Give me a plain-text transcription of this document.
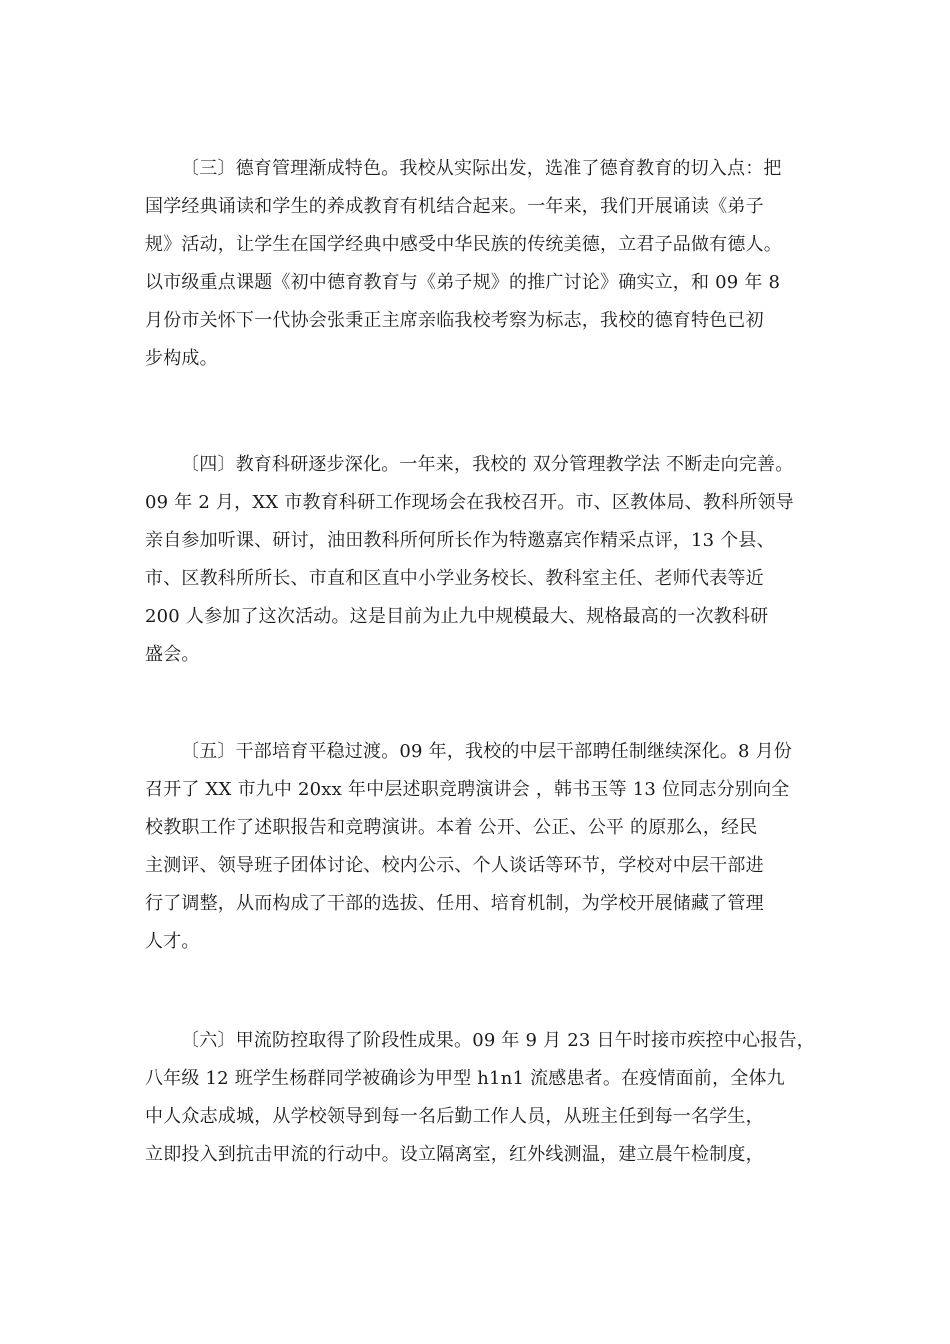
〔三〕德育管理渐成特色。我校从实际出发，选准了德育教育的切入点：把
国学经典诵读和学生的养成教育有机结合起来。一年来，我们开展诵读《弟子
规》活动，让学生在国学经典中感受中华民族的传统美德，立君子品做有德人。
以市级重点课题《初中德育教育与《弟子规》的推广讨论》确实立，和 09 年 8
月份市关怀下一代协会张秉正主席亲临我校考察为标志，我校的德育特色已初
步构成。
〔四〕教育科研逐步深化。一年来，我校的 双分管理教学法 不断走向完善。
09 年 2 月，XX 市教育科研工作现场会在我校召开。市、区教体局、教科所领导
亲自参加听课、研讨，油田教科所何所长作为特邀嘉宾作精采点评，13 个县、
市、区教科所所长、市直和区直中小学业务校长、教科室主任、老师代表等近
200 人参加了这次活动。这是目前为止九中规模最大、规格最高的一次教科研
盛会。
〔五〕干部培育平稳过渡。09 年，我校的中层干部聘任制继续深化。8 月份
召开了 XX 市九中 20xx 年中层述职竞聘演讲会 ，韩书玉等 13 位同志分别向全
校教职工作了述职报告和竞聘演讲。本着 公开、公正、公平 的原那么，经民
主测评、领导班子团体讨论、校内公示、个人谈话等环节，学校对中层干部进
行了调整，从而构成了干部的选拔、任用、培育机制，为学校开展储藏了管理
人才。
〔六〕甲流防控取得了阶段性成果。09 年 9 月 23 日午时接市疾控中心报告，
八年级 12 班学生杨群同学被确诊为甲型 h1n1 流感患者。在疫情面前，全体九
中人众志成城，从学校领导到每一名后勤工作人员，从班主任到每一名学生，
立即投入到抗击甲流的行动中。设立隔离室，红外线测温，建立晨午检制度，
